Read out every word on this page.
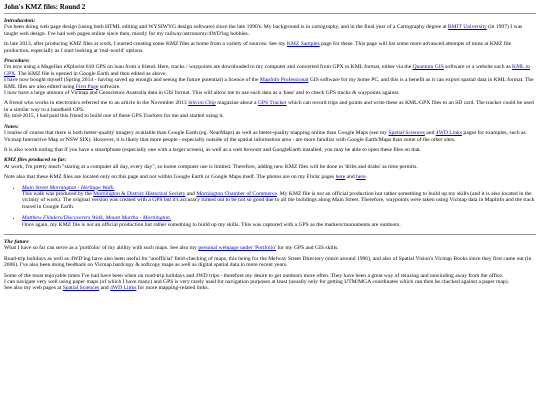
John's KMZ files: Round 2
Introduction:

I've been doing web page design (using both HTML editing and WYSIWYG design software) since the late 1990's. My background is in cartography, and in the final year of a Cartography degree at RMIT University (in 1997) I was taught web design. I've had web pages online since then, mostly for my railway/astronomy/4WD'ing hobbies.

In late 2013, after producing KMZ files at work, I started creating some KMZ files at home from a variety of sources. See my KMZ Samples page for these. This page will list some more advanced attempts of mine at KMZ file production, especially as I start looking at 'real-world' options.

Procedure:

I'm now using a Magellan eXplorist 610 GPS on loan from a friend. Here, tracks / waypoints are downloaded to my computer and converted from GPX to KML format, either via the Quantum GIS software or a website such as KML to GPX. The KMZ file is opened in Google Earth and then edited as above.
I have now bought myself (Spring 2014 - having saved up enough and seeing the future potential) a licence of the MapInfo Professional GIS software for my home PC, and this is a benefit as it can export spatial data in KML format. The KML files are also edited using First Page software.
I now have a large amount of Vicmap and Geoscience Australia data in GIS format. This will allow me to use such data as a 'base' and to check GPS tracks & waypoints against.

A friend who works in electronics referred me to an article in the November 2013 Silicon Chip magazine about a GPS Tracker which can record trips and points and write these as KML/GPX files to an SD card. The tracker could be used in a similar way to a handheld GPS.
By mid-2015, I had paid this friend to build one of these GPS Trackers for me and started using it.

Notes:

I realise of course that there is both better-quality imagery available than Google Earth (eg. NearMaps) as well as better-quality mapping online than Google Maps (see my Spatial Sciences and 4WD Links pages for examples, such as Vicmap Interactive Map or NSW SIX). However, it is likely that more people - especially outside of the spatial information area - are more familiar with Google Earth/Maps than some of the other sites.

It is also worth noting that if you have a smartphone (especially one with a larger screen), as well as a web browser and GoogleEarth installed, you may be able to open these files on that.

KMZ files produced so far:

At work, I'm pretty much "staring at a computer all day, every day", so home computer use is limited. Therefore, adding new KMZ files will be done in 'dribs and drabs' as time permits.

Note also that these KMZ files are located only on this page and not within Google Earth or Google Maps itself. The photos are on my Flickr pages here and here.

• Main Street Mornington - Heritage Walk.
This walk was produced by the Mornington & District Historical Society and Mornington Chamber of Commerce. My KMZ file is not an official production but rather something to build up my skills (and it is also located in the vicinity of work). The original version was created with a GPS but it's accuracy turned out to be not so good due to all the buildings along Main Street. Therefore, waypoints were taken using Vicmap data in MapInfo and the track traced in Google Earth.
• Matthew Flinders/Discoverers Walk, Mount Martha - Mornington.
Once again, my KMZ file is not an official production but rather something to build up my skills. This was captured with a GPS as the markers/monuments are outdoors.
The future

What I have so far can serve as a 'portfolio' of my ability with such maps. See also my personal webpage under 'Portfolio' for my GPS and GIS skills.

Road-trip holidays as well as 4WD'ing have also been useful for 'unofficial' field-checking of maps, this being for the Melway Street Directory (since around 1996), and also of Spatial Vision's Vicmap Books since they first came out (in 2006). I've also been doing feedback on Vicmap hardcopy & softcopy maps as well as digital spatial data in more recent years.

Some of the most enjoyable times I've had have been when on road-trip holidays and 4WD trips - therefore my desire to get outdoors more often. They have been a great way of relaxing and unwinding away from the office.
I can navigate very well using paper maps (of which I have many) and GPS is very rarely used for navigation purposes at least (usually only for getting UTM/MGA coordinates which can then be checked against a paper map).
See also my web pages at Spatial Sciences and 4WD Links for more mapping-related links.
